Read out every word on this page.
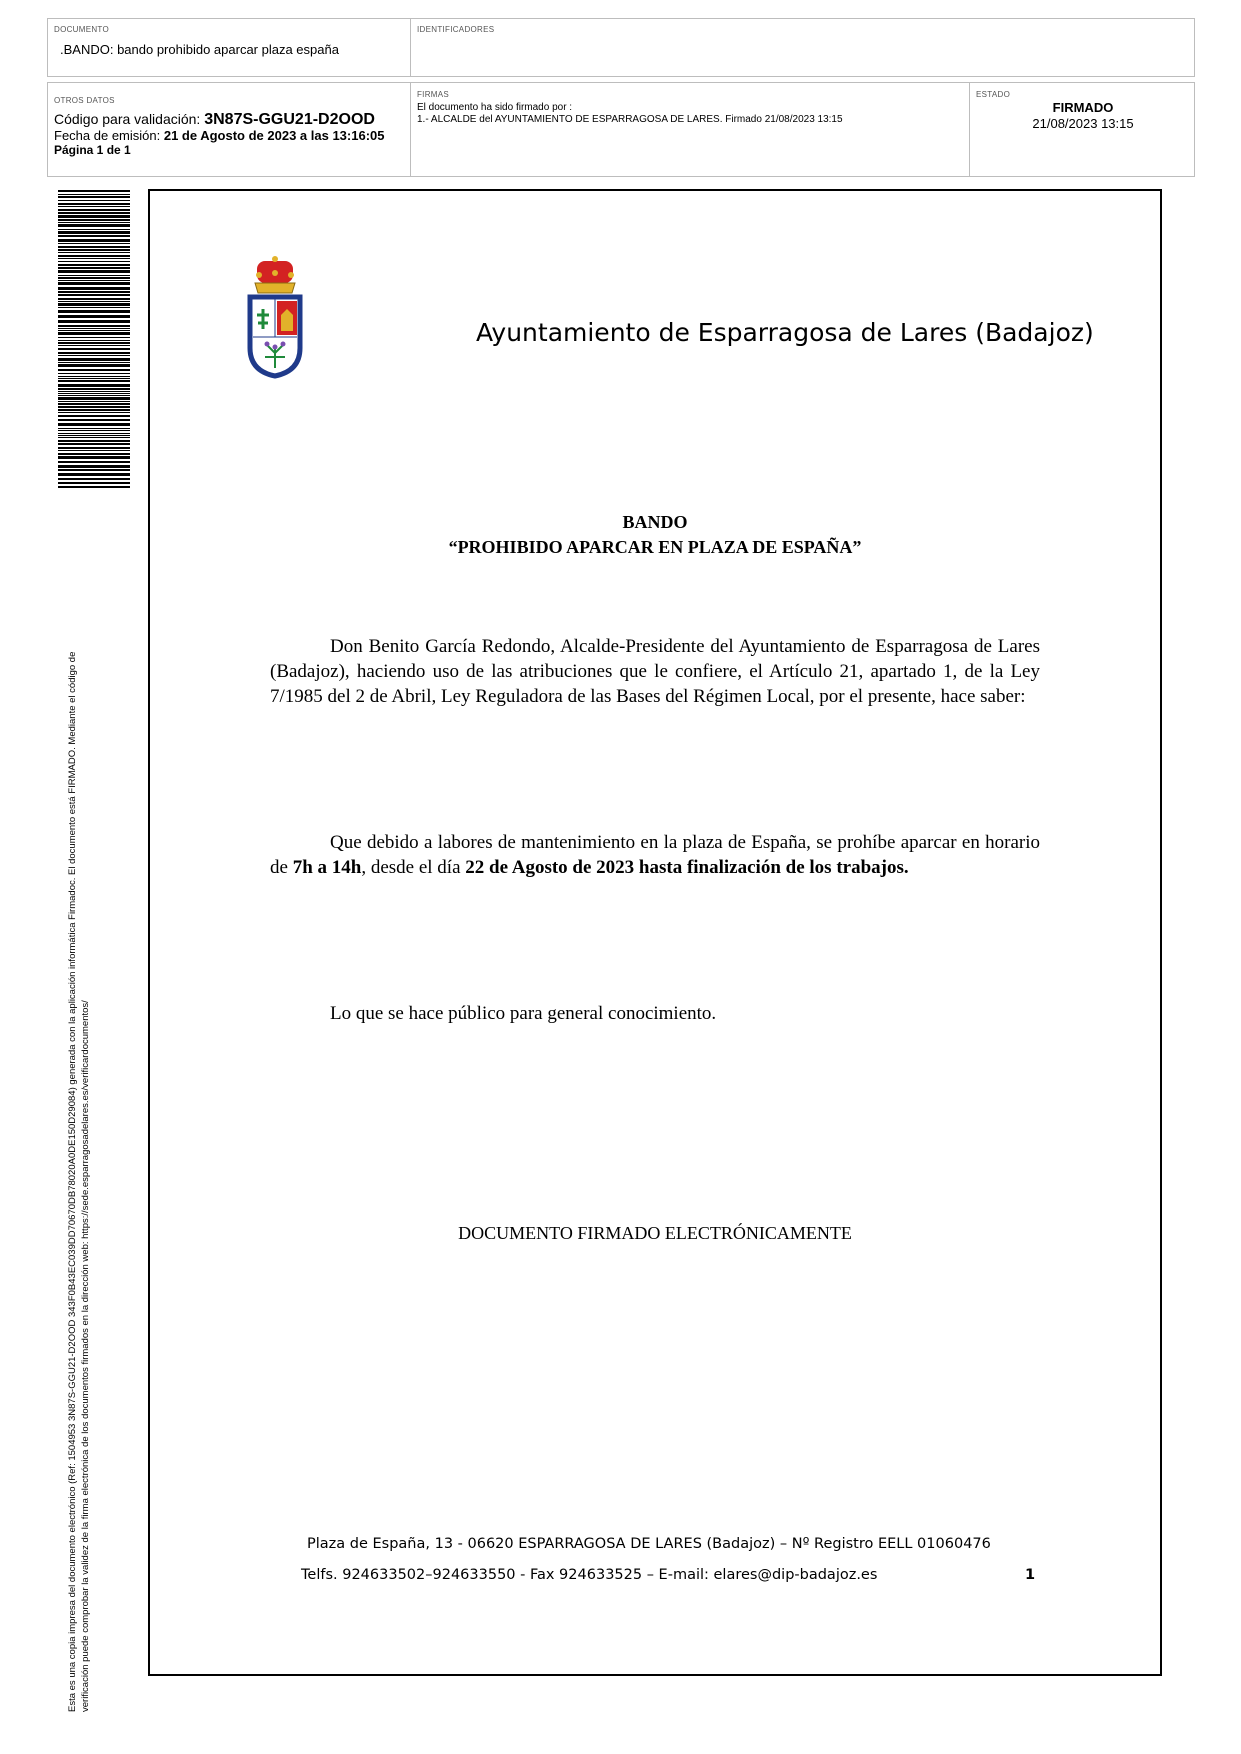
DOCUMENTO
.BANDO: bando prohibido aparcar plaza españa
IDENTIFICADORES
OTROS DATOS
Código para validación: 3N87S-GGU21-D2OOD
Fecha de emisión: 21 de Agosto de 2023 a las 13:16:05
Página 1 de 1
FIRMAS
El documento ha sido firmado por :
1.- ALCALDE del AYUNTAMIENTO DE ESPARRAGOSA DE LARES. Firmado 21/08/2023 13:15
ESTADO
FIRMADO
21/08/2023 13:15
Esta es una copia impresa del documento electrónico (Ref: 1504953 3N87S-GGU21-D2OOD 343F0B43EC039DD70670DB78020A0DE150D29084) generada con la aplicación informática Firmadoc. El documento está FIRMADO. Mediante el código de verificación puede comprobar la validez de la firma electrónica de los documentos firmados en la dirección web: https://sede.esparragosadelares.es/verificardocumentos/
Ayuntamiento de Esparragosa de Lares (Badajoz)
BANDO
“PROHIBIDO APARCAR EN PLAZA DE ESPAÑA”
Don Benito García Redondo, Alcalde-Presidente del Ayuntamiento de Esparragosa de Lares (Badajoz), haciendo uso de las atribuciones que le confiere, el Artículo 21, apartado 1, de la Ley 7/1985 del 2 de Abril, Ley Reguladora de las Bases del Régimen Local, por el presente, hace saber:
Que debido a labores de mantenimiento en la plaza de España, se prohíbe aparcar en horario de 7h a 14h, desde el día 22 de Agosto de 2023 hasta finalización de los trabajos.
Lo que se hace público para general conocimiento.
DOCUMENTO FIRMADO ELECTRÓNICAMENTE
Plaza de España, 13 - 06620 ESPARRAGOSA DE LARES (Badajoz) – Nº Registro EELL 01060476
Telfs. 924633502–924633550 - Fax 924633525 – E-mail: elares@dip-badajoz.es	1
